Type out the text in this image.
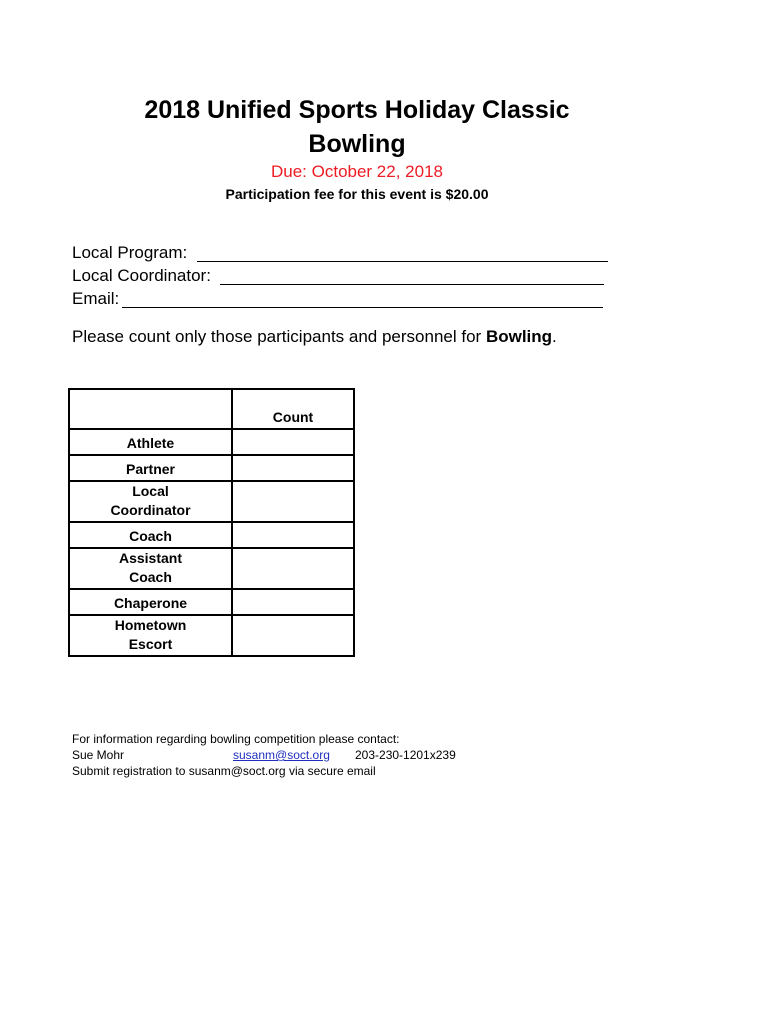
2018 Unified Sports Holiday Classic
Bowling
Due: October 22, 2018
Participation fee for this event is $20.00
Local Program:
Local Coordinator:
Email:
Please count only those participants and personnel for Bowling.
	Count

Athlete	

Partner	

Local
Coordinator	

Coach	

Assistant
Coach	

Chaperone	

Hometown
Escort	

For information regarding bowling competition please contact:
Sue Mohr	susanm@soct.org 203-230-1201x239
Submit registration to susanm@soct.org via secure email
